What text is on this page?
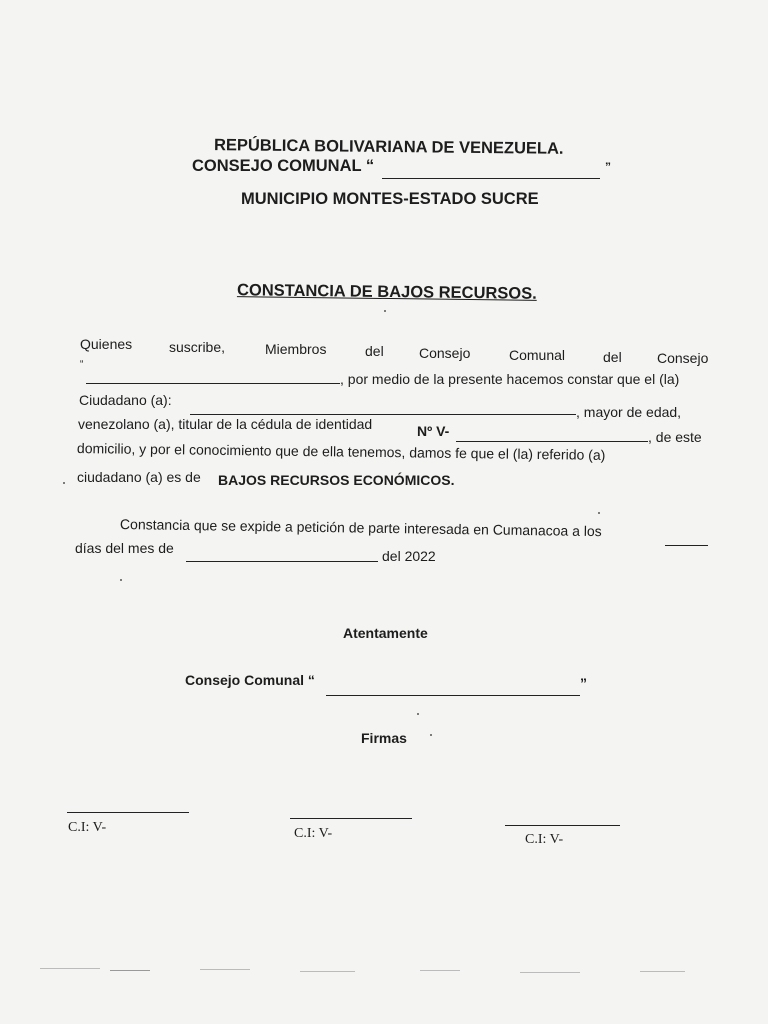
REPÚBLICA BOLIVARIANA DE VENEZUELA.
CONSEJO COMUNAL “	”
MUNICIPIO MONTES-ESTADO SUCRE
CONSTANCIA DE BAJOS RECURSOS.
Quienes	suscribe,	Miembros	del	Consejo	Comunal	del	Consejo
“
, por medio de la presente hacemos constar que el (la)
Ciudadano (a):
, mayor de edad,
venezolano (a), titular de la cédula de identidad	Nº V-	, de este
domicilio, y por el conocimiento que de ella tenemos, damos fe que el (la) referido (a)
ciudadano (a) es de BAJOS RECURSOS ECONÓMICOS.
Constancia que se expide a petición de parte interesada en Cumanacoa a los
días del mes de	del 2022
Atentamente
Consejo Comunal “	”
Firmas
C.I: V-	C.I: V-	C.I: V-
